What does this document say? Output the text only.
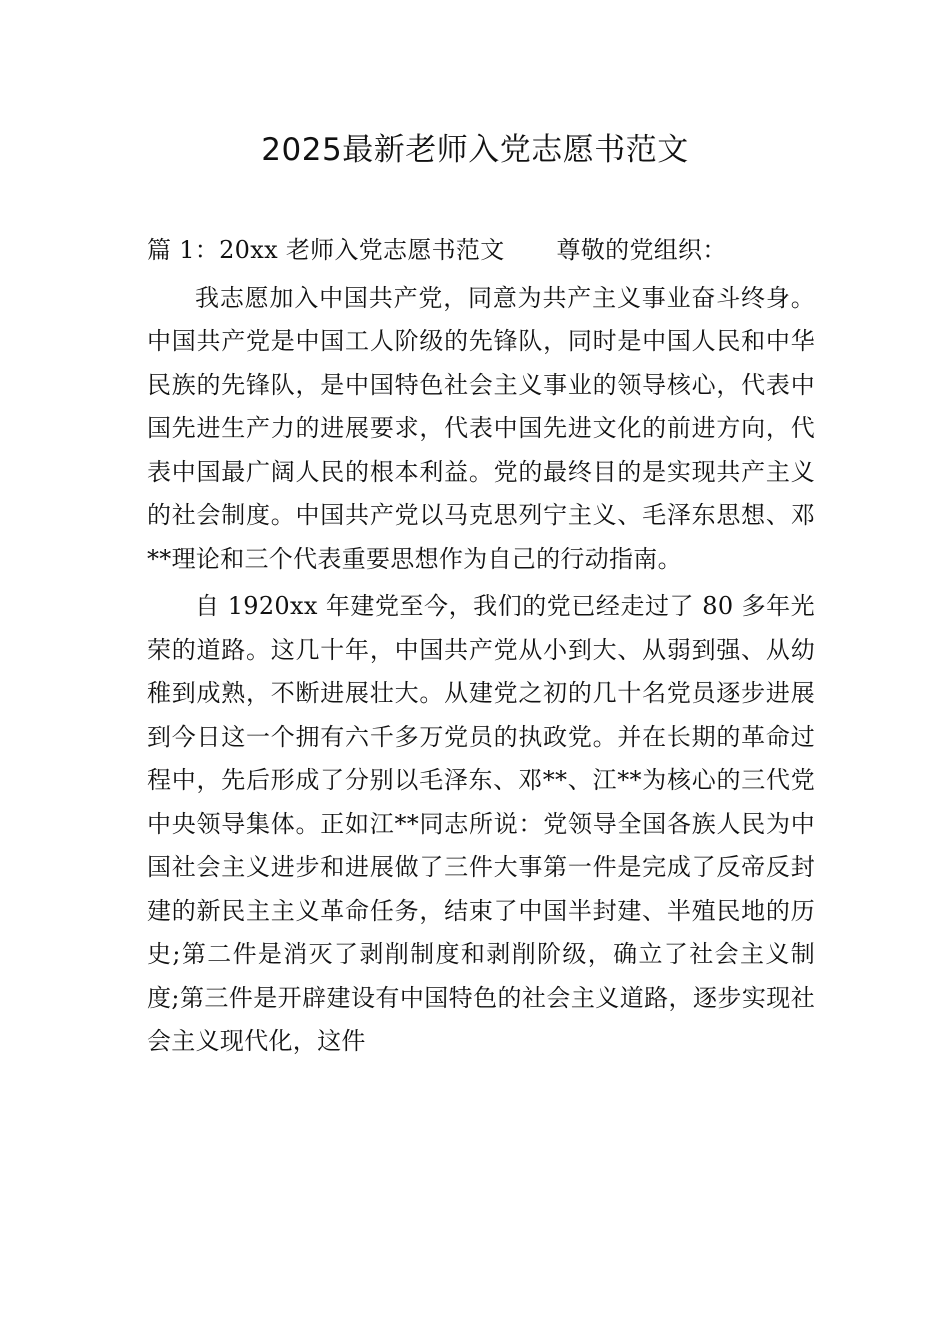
2025最新老师入党志愿书范文

篇 1：20xx 老师入党志愿书范文 尊敬的党组织：

我志愿加入中国共产党，同意为共产主义事业奋斗终身。中国共产党是中国工人阶级的先锋队，同时是中国人民和中华民族的先锋队，是中国特色社会主义事业的领导核心，代表中国先进生产力的进展要求，代表中国先进文化的前进方向，代表中国最广阔人民的根本利益。党的最终目的是实现共产主义的社会制度。中国共产党以马克思列宁主义、毛泽东思想、邓**理论和三个代表重要思想作为自己的行动指南。

自 1920xx 年建党至今，我们的党已经走过了 80 多年光荣的道路。这几十年，中国共产党从小到大、从弱到强、从幼稚到成熟，不断进展壮大。从建党之初的几十名党员逐步进展到今日这一个拥有六千多万党员的执政党。并在长期的革命过程中，先后形成了分别以毛泽东、邓**、江**为核心的三代党中央领导集体。正如江**同志所说：党领导全国各族人民为中国社会主义进步和进展做了三件大事第一件是完成了反帝反封建的新民主主义革命任务，结束了中国半封建、半殖民地的历史;第二件是消灭了剥削制度和剥削阶级，确立了社会主义制度;第三件是开辟建设有中国特色的社会主义道路，逐步实现社会主义现代化，这件
